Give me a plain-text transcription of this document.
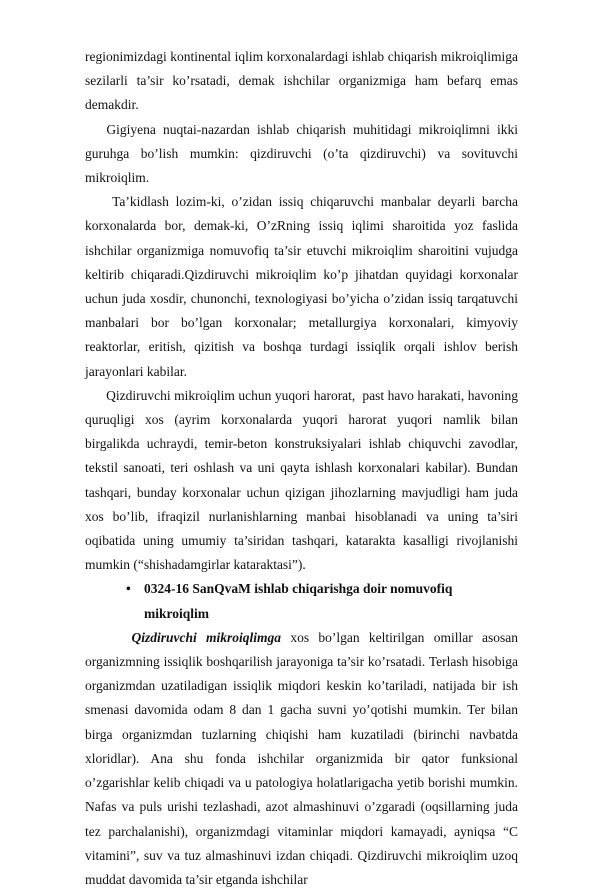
regionimizdagi kontinental iqlim korxonalardagi ishlab chiqarish mikroiqlimiga sezilarli ta’sir ko’rsatadi, demak ishchilar organizmiga ham befarq emas demakdir.

Gigiyena nuqtai-nazardan ishlab chiqarish muhitidagi mikroiqlimni ikki guruhga bo’lish mumkin: qizdiruvchi (o’ta qizdiruvchi) va sovituvchi mikroiqlim.

Ta’kidlash lozim-ki, o’zidan issiq chiqaruvchi manbalar deyarli barcha korxonalarda bor, demak-ki, O’zRning issiq iqlimi sharoitida yoz faslida ishchilar organizmiga nomuvofiq ta’sir etuvchi mikroiqlim sharoitini vujudga keltirib chiqaradi.Qizdiruvchi mikroiqlim ko’p jihatdan quyidagi korxonalar uchun juda xosdir, chunonchi, texnologiyasi bo’yicha o’zidan issiq tarqatuvchi manbalari bor bo’lgan korxonalar; metallurgiya korxonalari, kimyoviy reaktorlar, eritish, qizitish va boshqa turdagi issiqlik orqali ishlov berish jarayonlari kabilar.

Qizdiruvchi mikroiqlim uchun yuqori harorat,  past havo harakati, havoning quruqligi xos (ayrim korxonalarda yuqori harorat yuqori namlik bilan birgalikda uchraydi, temir-beton konstruksiyalari ishlab chiquvchi zavodlar, tekstil sanoati, teri oshlash va uni qayta ishlash korxonalari kabilar). Bundan tashqari, bunday korxonalar uchun qizigan jihozlarning mavjudligi ham juda xos bo’lib, ifraqizil nurlanishlarning manbai hisoblanadi va uning ta’siri oqibatida uning umumiy ta’siridan tashqari, katarakta kasalligi rivojlanishi mumkin (“shishadamgirlar kataraktasi”).

• 0324-16 SanQvaM ishlab chiqarishga doir nomuvofiq mikroiqlim

Qizdiruvchi mikroiqlimga xos bo’lgan keltirilgan omillar asosan organizmning issiqlik boshqarilish jarayoniga ta’sir ko’rsatadi. Terlash hisobiga organizmdan uzatiladigan issiqlik miqdori keskin ko’tariladi, natijada bir ish smenasi davomida odam 8 dan 1 gacha suvni yo’qotishi mumkin. Ter bilan birga organizmdan tuzlarning chiqishi ham kuzatiladi (birinchi navbatda xloridlar). Ana shu fonda ishchilar organizmida bir qator funksional o’zgarishlar kelib chiqadi va u patologiya holatlarigacha yetib borishi mumkin. Nafas va puls urishi tezlashadi, azot almashinuvi o’zgaradi (oqsillarning juda tez parchalanishi), organizmdagi vitaminlar miqdori kamayadi, ayniqsa “C vitamini”, suv va tuz almashinuvi izdan chiqadi. Qizdiruvchi mikroiqlim uzoq muddat davomida ta’sir etganda ishchilar
